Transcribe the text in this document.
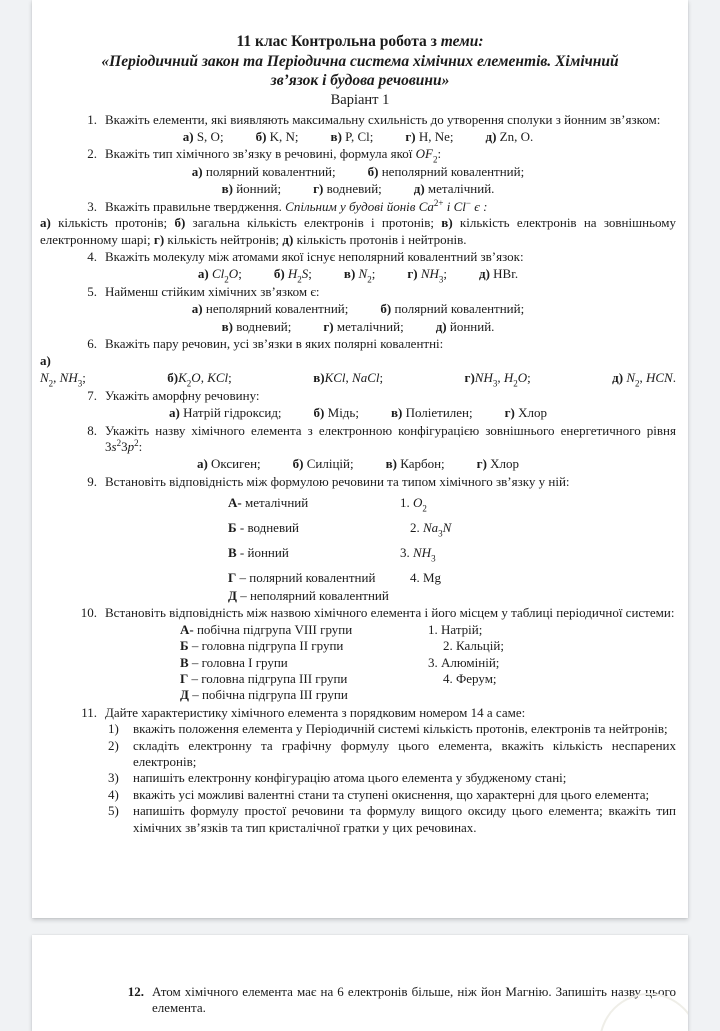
11 клас Контрольна робота з теми:
«Періодичний закон та Періодична система хімічних елементів. Хімічний
зв’язок і будова речовини»
Варіант 1
1. Вкажіть елементи, які виявляють максимальну схильність до утворення сполуки з йонним зв’язком:
а) S, O; б) K, N; в) P, Cl; г) H, Ne; д) Zn, O.
2. Вкажіть тип хімічного зв’язку в речовині, формула якої $OF_2$:
а) полярний ковалентний; б) неполярний ковалентний;
в) йонний; г) водневий; д) металічний.
3. Вкажіть правильне твердження. Спільним у будові йонів $Ca^{2+}$ і Cl− є :
а) кількість протонів; б) загальна кількість електронів і протонів; в) кількість електронів на зовнішньому електронному шарі; г) кількість нейтронів; д) кількість протонів і нейтронів.
4. Вкажіть молекулу між атомами якої існує неполярний ковалентний зв’язок:
а) $Cl_2O$; б) $H_2S$; в) $N_2$; г) $NH_3$; д) HBr.
5. Найменш стійким хімічних зв’язком є:
а) неполярний ковалентний; б) полярний ковалентний;
в) водневий; г) металічний; д) йонний.
6. Вкажіть пару речовин, усі зв’язки в яких полярні ковалентні:
а)
$N_2$, $NH_3$;	$б)K_2O$, KCl;	в)KCl, NaCl;	$г)NH_3$, $H_2O$;	д) $N_2$, HCN.
7. Укажіть аморфну речовину:
а) Натрій гідроксид; б) Мідь; в) Поліетилен; г) Хлор
8. Укажіть назву хімічного елемента з електронною конфігурацією зовнішнього енергетичного рівня $3s^23p^2$:
а) Оксиген; б) Силіцій; в) Карбон; г) Хлор
9. Встановіть відповідність між формулою речовини та типом хімічного зв’язку у ній:
А- металічний	1. $O_2$
Б - водневий	2. $Na_3N$
В - йонний	3. $NH_3$
Г – полярний ковалентний	4. Mg
Д – неполярний ковалентний
10. Встановіть відповідність між назвою хімічного елемента і його місцем у таблиці періодичної системи:
А- побічна підгрупа VIII групи	1. Натрій;
Б – головна підгрупа II групи	2. Кальцій;
В – головна I групи	3. Алюміній;
Г – головна підгрупа III групи	4. Ферум;
Д – побічна підгрупа III групи
11. Дайте характеристику хімічного елемента з порядковим номером 14 а саме:
1) вкажіть положення елемента у Періодичній системі кількість протонів, електронів та нейтронів;
2) складіть електронну та графічну формулу цього елемента, вкажіть кількість неспарених електронів;
3) напишіть електронну конфігурацію атома цього елемента у збудженому стані;
4) вкажіть усі можливі валентні стани та ступені окиснення, що характерні для цього елемента;
5) напишіть формулу простої речовини та формулу вищого оксиду цього елемента; вкажіть тип хімічних зв’язків та тип кристалічної гратки у цих речовинах.
12. Атом хімічного елемента має на 6 електронів більше, ніж йон Магнію. Запишіть назву цього елемента.
